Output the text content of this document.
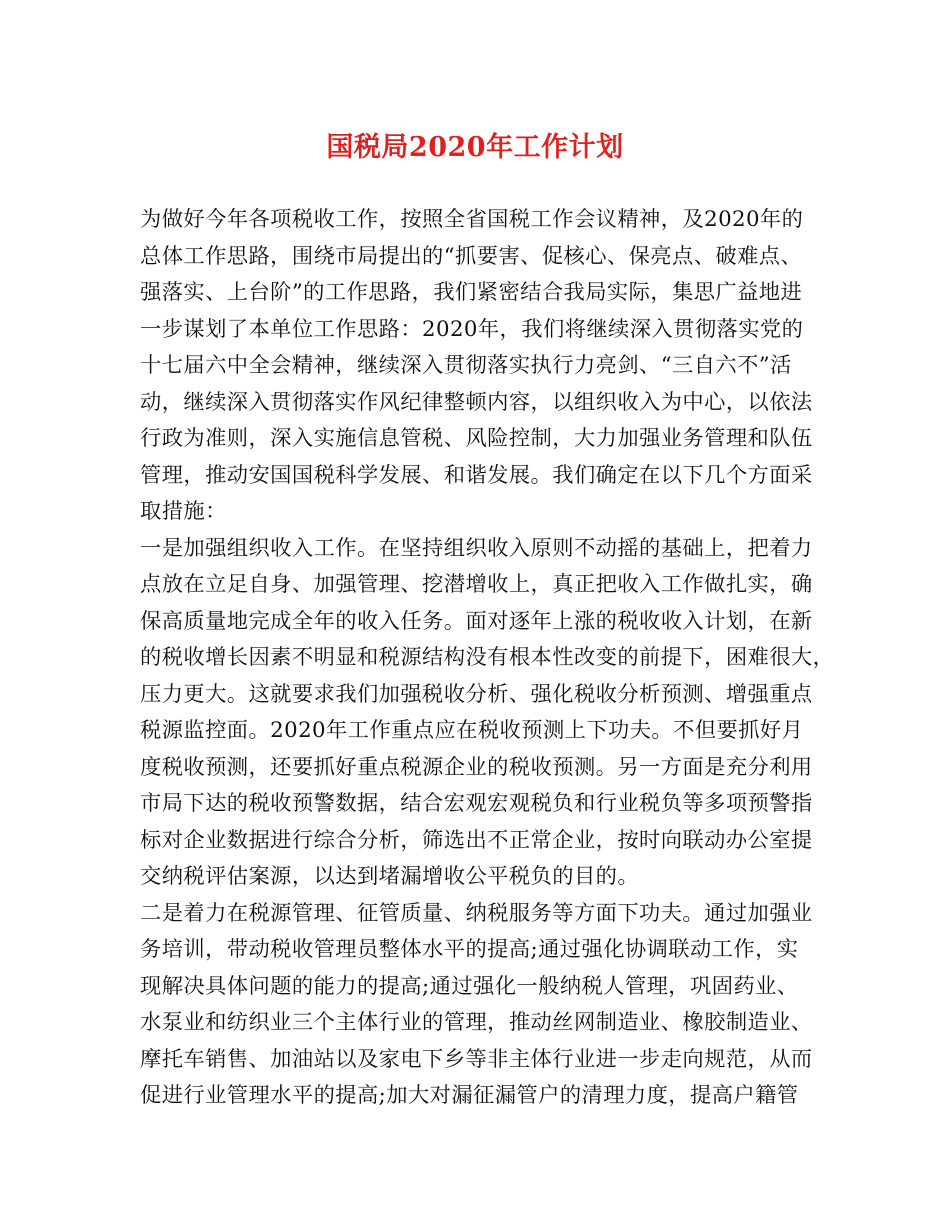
国税局2020年工作计划
为做好今年各项税收工作，按照全省国税工作会议精神，及2020年的
总体工作思路，围绕市局提出的“抓要害、促核心、保亮点、破难点、
强落实、上台阶”的工作思路，我们紧密结合我局实际，集思广益地进
一步谋划了本单位工作思路：2020年，我们将继续深入贯彻落实党的
十七届六中全会精神，继续深入贯彻落实执行力亮剑、“三自六不”活
动，继续深入贯彻落实作风纪律整顿内容，以组织收入为中心，以依法
行政为准则，深入实施信息管税、风险控制，大力加强业务管理和队伍
管理，推动安国国税科学发展、和谐发展。我们确定在以下几个方面采
取措施：
一是加强组织收入工作。在坚持组织收入原则不动摇的基础上，把着力
点放在立足自身、加强管理、挖潜增收上，真正把收入工作做扎实，确
保高质量地完成全年的收入任务。面对逐年上涨的税收收入计划，在新
的税收增长因素不明显和税源结构没有根本性改变的前提下，困难很大，
压力更大。这就要求我们加强税收分析、强化税收分析预测、增强重点
税源监控面。2020年工作重点应在税收预测上下功夫。不但要抓好月
度税收预测，还要抓好重点税源企业的税收预测。另一方面是充分利用
市局下达的税收预警数据，结合宏观宏观税负和行业税负等多项预警指
标对企业数据进行综合分析，筛选出不正常企业，按时向联动办公室提
交纳税评估案源，以达到堵漏增收公平税负的目的。
二是着力在税源管理、征管质量、纳税服务等方面下功夫。通过加强业
务培训，带动税收管理员整体水平的提高;通过强化协调联动工作，实
现解决具体问题的能力的提高;通过强化一般纳税人管理，巩固药业、
水泵业和纺织业三个主体行业的管理，推动丝网制造业、橡胶制造业、
摩托车销售、加油站以及家电下乡等非主体行业进一步走向规范，从而
促进行业管理水平的提高;加大对漏征漏管户的清理力度，提高户籍管
